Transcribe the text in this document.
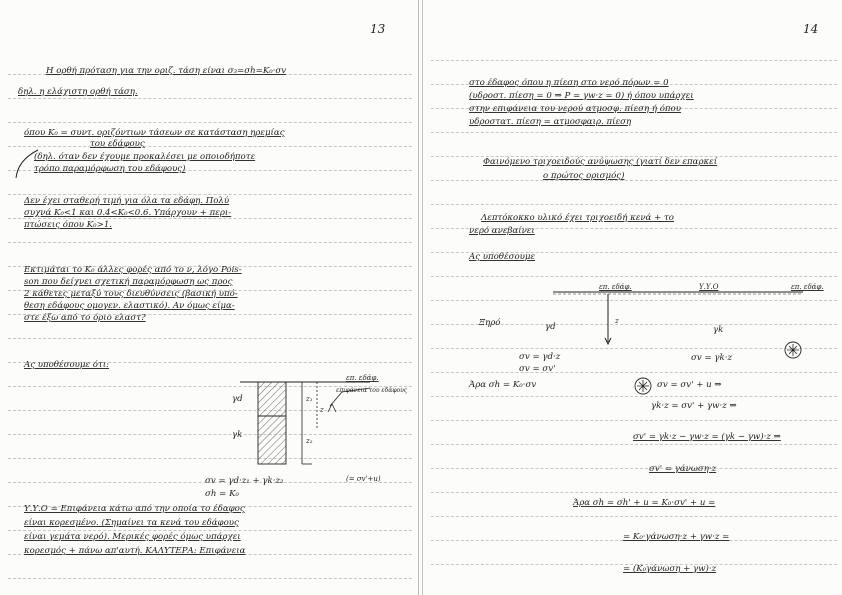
13
Η ορθή πρόταση για την οριζ. τάση είναι σ₃=σh=Κ₀·σv
δηλ. η ελάχιστη ορθή τάση.
όπου Κ₀ = συντ. οριζόντιων τάσεων σε κατάσταση ηρεμίας
του εδάφους
(δηλ. όταν δεν έχουμε προκαλέσει με οποιοδήποτε
τρόπο παραμόρφωση του εδάφους)
Δεν έχει σταθερή τιμή για όλα τα εδάφη. Πολύ
συχνά Κ₀<1 και 0.4<Κ₀<0.6. Υπάρχουν + περι-
πτώσεις όπου Κ₀>1.
Εκτιμάται το Κ₀ άλλες φορές από το ν, λόγο Pois-
son που δείχνει σχετική παραμόρφωση ως προς
2 κάθετες μεταξύ τους διευθύνσεις (βασική υπό-
θεση εδάφους ομογεν. ελαστικό). Αν όμως είμα-
στε έξω από το όριο ελαστ?
Ας υποθέσουμε ότι:
επ. εδάφ.
επιφάνεια του εδάφους
γd
γk
z₁
z₂
z
σv = γd·z₁ + γk·z₂	(= σv'+u)
σh = Κ₀
Υ.Υ.Ο = Επιφάνεια κάτω από την οποία το έδαφος
είναι κορεσμένο. (Σημαίνει τα κενά του εδάφους
είναι γεμάτα νερό). Μερικές φορές όμως υπάρχει
κορεσμός + πάνω απ'αυτή. ΚΑΛΥΤΕΡΑ: Επιφάνεια
14
στο έδαφος όπου η πίεση στο νερό πόρων = 0
(υδροστ. πίεση = 0 ⇒ P = γw·z = 0) ή όπου υπάρχει
στην επιφάνεια του νερού ατμοσφ. πίεση ή όπου
υδροστατ. πίεση = ατμοσφαιρ. πίεση
Φαινόμενο τριχοειδούς ανύψωσης (γιατί δεν επαρκεί
ο πρώτος ορισμός)
Λεπτόκοκκο υλικό έχει τριχοειδή κενά + το
νερό ανεβαίνει
Ας υποθέσουμε
επ. εδάφ.	Υ.Υ.Ο	επ. εδάφ.
Ξηρό	γd
z
γk
σv = γd·z
σv = σv'
σv = γk·z
Άρα σh = Κ₀·σv	σv = σv' + u ⇒
γk·z = σv' + γw·z ⇒
σv' = γk·z − γw·z = (γk − γw)·z ⇒
σv' = γάνωση·z
Άρα σh = σh' + u = Κ₀·σv' + u =
= Κ₀·γάνωση·z + γw·z =
= (Κ₀γάνωση + γw)·z
